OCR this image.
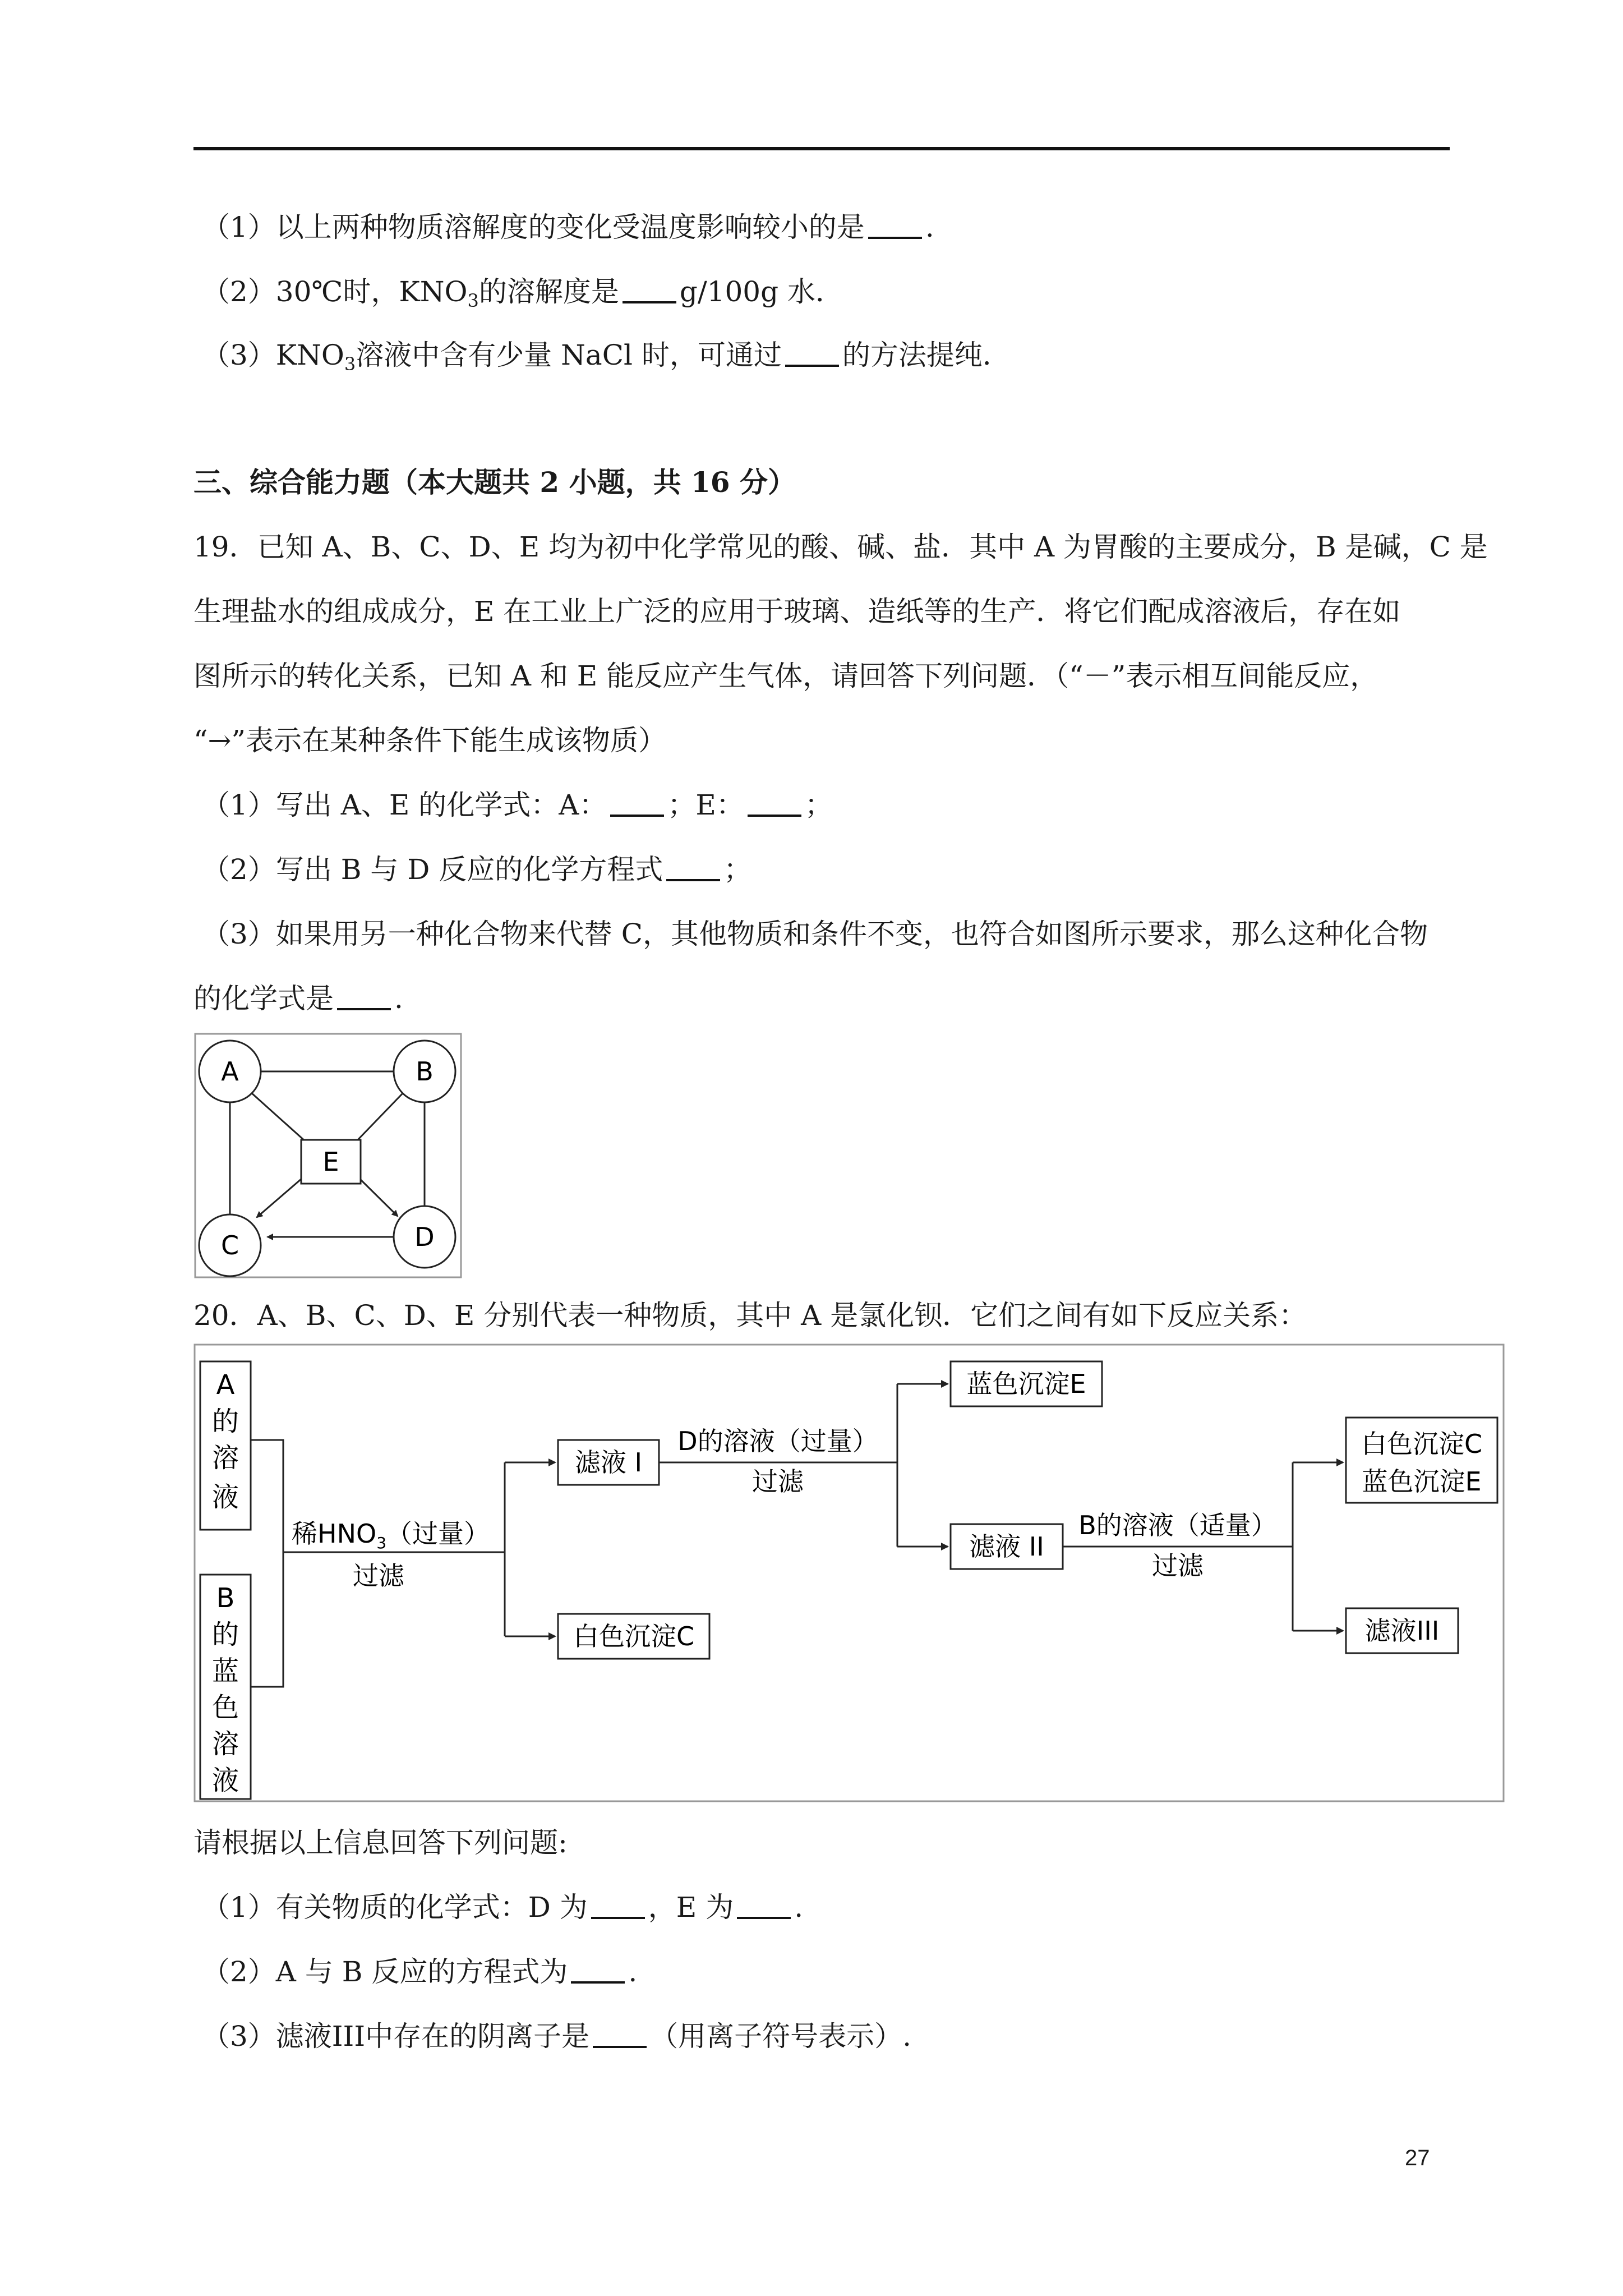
（1）以上两种物质溶解度的变化受温度影响较小的是 .
（2）30℃时，$KNO_3$的溶解度是 g/100g 水．
$(3)KNO_3$溶液中含有少量 NaCl 时，可通过 的方法提纯．
三、综合能力题（本大题共 2 小题，共 16 分）
19．已知 A、B、C、D、E 均为初中化学常见的酸、碱、盐．其中 A 为胃酸的主要成分，B 是碱，C 是
生理盐水的组成成分，E 在工业上广泛的应用于玻璃、造纸等的生产．将它们配成溶液后，存在如
图所示的转化关系，已知 A 和 E 能反应产生气体，请回答下列问题．（“－”表示相互间能反应，
“→”表示在某种条件下能生成该物质）
（1）写出 A、E 的化学式：A： ；E： ；
（2）写出 B 与 D 反应的化学方程式 ；
（3）如果用另一种化合物来代替 C，其他物质和条件不变，也符合如图所示要求，那么这种化合物
的化学式是 .
A	B
C	D
E
20．A、B、C、D、E 分别代表一种物质，其中 A 是氯化钡．它们之间有如下反应关系：
A
的
溶
液
B
的
蓝
色
溶
液
稀$HNO_3$（过量）
过滤
滤液 I
白色沉淀C
D的溶液（过量）
过滤
蓝色沉淀E
滤液 II
B的溶液（适量）
过滤
白色沉淀C
蓝色沉淀E
滤液III
请根据以上信息回答下列问题:
（1）有关物质的化学式：D 为 ，E 为 .
（2）A 与 B 反应的方程式为 .
（3）滤液III中存在的阴离子是 （用离子符号表示）.
27
